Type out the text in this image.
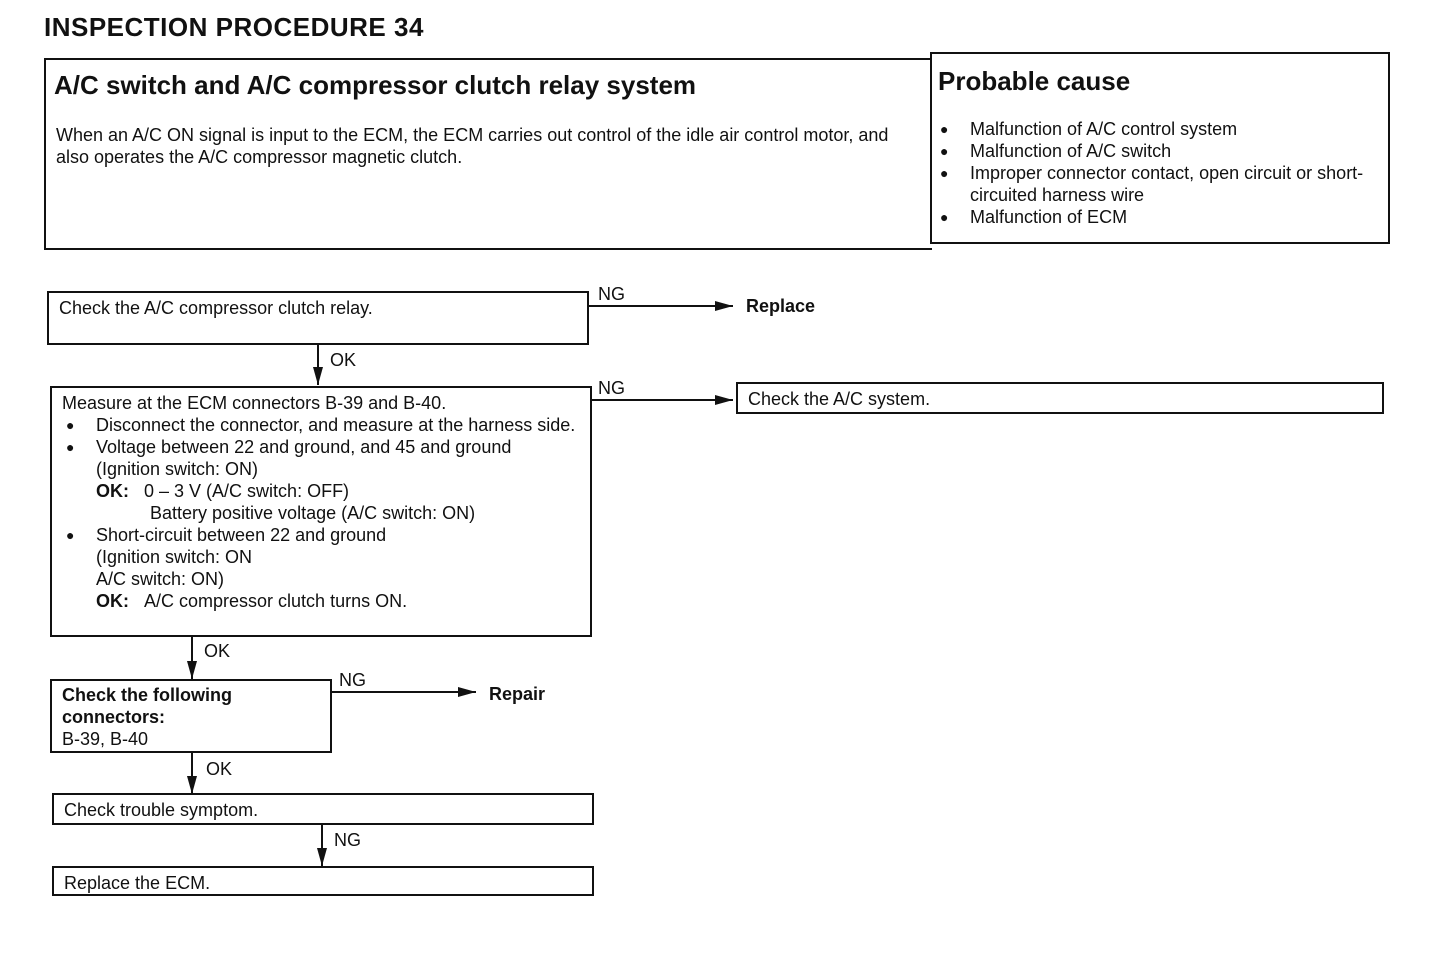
INSPECTION PROCEDURE 34
A/C switch and A/C compressor clutch relay system	Probable cause
When an A/C ON signal is input to the ECM, the ECM carries out control of the idle air control motor, and also operates the A/C compressor magnetic clutch.
● Malfunction of A/C control system
● Malfunction of A/C switch
● Improper connector contact, open circuit or short-circuited harness wire
● Malfunction of ECM
Check the A/C compressor clutch relay.
NG
Replace
OK
Measure at the ECM connectors B-39 and B-40.
● Disconnect the connector, and measure at the harness side.
● Voltage between 22 and ground, and 45 and ground (Ignition switch: ON)
OK: 0 – 3 V (A/C switch: OFF)
Battery positive voltage (A/C switch: ON)
● Short-circuit between 22 and ground
(Ignition switch: ON
A/C switch: ON)
OK: A/C compressor clutch turns ON.
NG
Check the A/C system.
OK
Check the following connectors:
B-39, B-40
NG
Repair
OK
Check trouble symptom.
NG
Replace the ECM.
